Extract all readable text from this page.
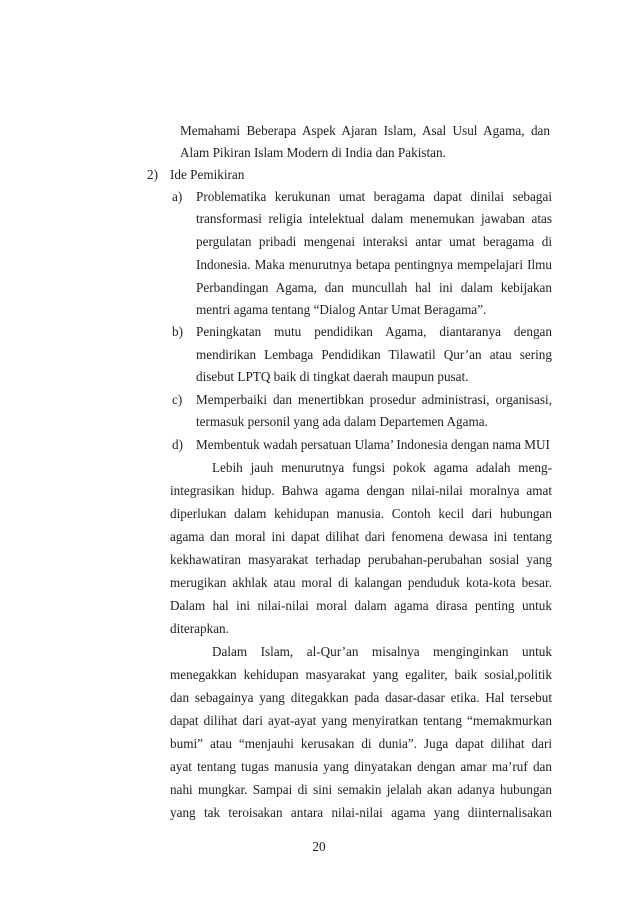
Memahami Beberapa Aspek Ajaran Islam, Asal Usul Agama, dan

Alam Pikiran Islam Modern di India dan Pakistan.

2) Ide Pemikiran
a) Problematika kerukunan umat beragama dapat dinilai sebagai

transformasi religia intelektual dalam menemukan jawaban atas

pergulatan pribadi mengenai interaksi antar umat beragama di

Indonesia. Maka menurutnya betapa pentingnya mempelajari Ilmu

Perbandingan Agama, dan muncullah hal ini dalam kebijakan

mentri agama tentang “Dialog Antar Umat Beragama”.

b) Peningkatan mutu pendidikan Agama, diantaranya dengan

mendirikan Lembaga Pendidikan Tilawatil Qur’an atau sering

disebut LPTQ baik di tingkat daerah maupun pusat.

c) Memperbaiki dan menertibkan prosedur administrasi, organisasi,

termasuk personil yang ada dalam Departemen Agama.

d) Membentuk wadah persatuan Ulama’ Indonesia dengan nama MUI

Lebih jauh menurutnya fungsi pokok agama adalah meng-

integrasikan hidup. Bahwa agama dengan nilai-nilai moralnya amat

diperlukan dalam kehidupan manusia. Contoh kecil dari hubungan

agama dan moral ini dapat dilihat dari fenomena dewasa ini tentang

kekhawatiran masyarakat terhadap perubahan-perubahan sosial yang

merugikan akhlak atau moral di kalangan penduduk kota-kota besar.

Dalam hal ini nilai-nilai moral dalam agama dirasa penting untuk

diterapkan.

Dalam Islam, al-Qur’an misalnya menginginkan untuk

menegakkan kehidupan masyarakat yang egaliter, baik sosial,politik

dan sebagainya yang ditegakkan pada dasar-dasar etika. Hal tersebut

dapat dilihat dari ayat-ayat yang menyiratkan tentang “memakmurkan

bumi” atau “menjauhi kerusakan di dunia”. Juga dapat dilihat dari

ayat tentang tugas manusia yang dinyatakan dengan amar ma’ruf dan

nahi mungkar. Sampai di sini semakin jelalah akan adanya hubungan

yang tak teroisakan antara nilai-nilai agama yang diinternalisakan

20
